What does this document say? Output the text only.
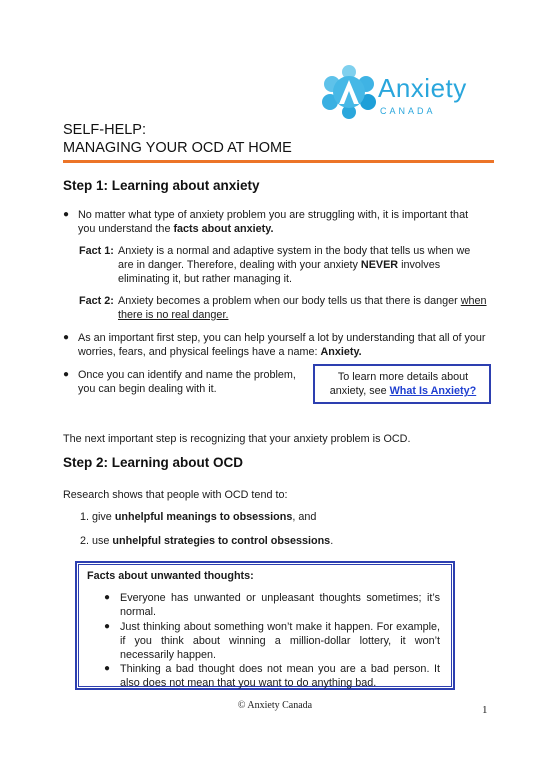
Anxiety
CANADA
SELF-HELP:
MANAGING YOUR OCD AT HOME
Step 1: Learning about anxiety
● No matter what type of anxiety problem you are struggling with, it is important that you understand the facts about anxiety.
Fact 1: Anxiety is a normal and adaptive system in the body that tells us when we are in danger. Therefore, dealing with your anxiety NEVER involves eliminating it, but rather managing it.
Fact 2: Anxiety becomes a problem when our body tells us that there is danger when there is no real danger.
● As an important first step, you can help yourself a lot by understanding that all of your worries, fears, and physical feelings have a name: Anxiety.
● Once you can identify and name the problem, you can begin dealing with it.
To learn more details about anxiety, see What Is Anxiety?
The next important step is recognizing that your anxiety problem is OCD.
Step 2: Learning about OCD
Research shows that people with OCD tend to:
1. give unhelpful meanings to obsessions, and
2. use unhelpful strategies to control obsessions.
Facts about unwanted thoughts:
● Everyone has unwanted or unpleasant thoughts sometimes; it’s normal.
● Just thinking about something won’t make it happen. For example, if you think about winning a million-dollar lottery, it won’t necessarily happen.
● Thinking a bad thought does not mean you are a bad person. It also does not mean that you want to do anything bad.
© Anxiety Canada	1
